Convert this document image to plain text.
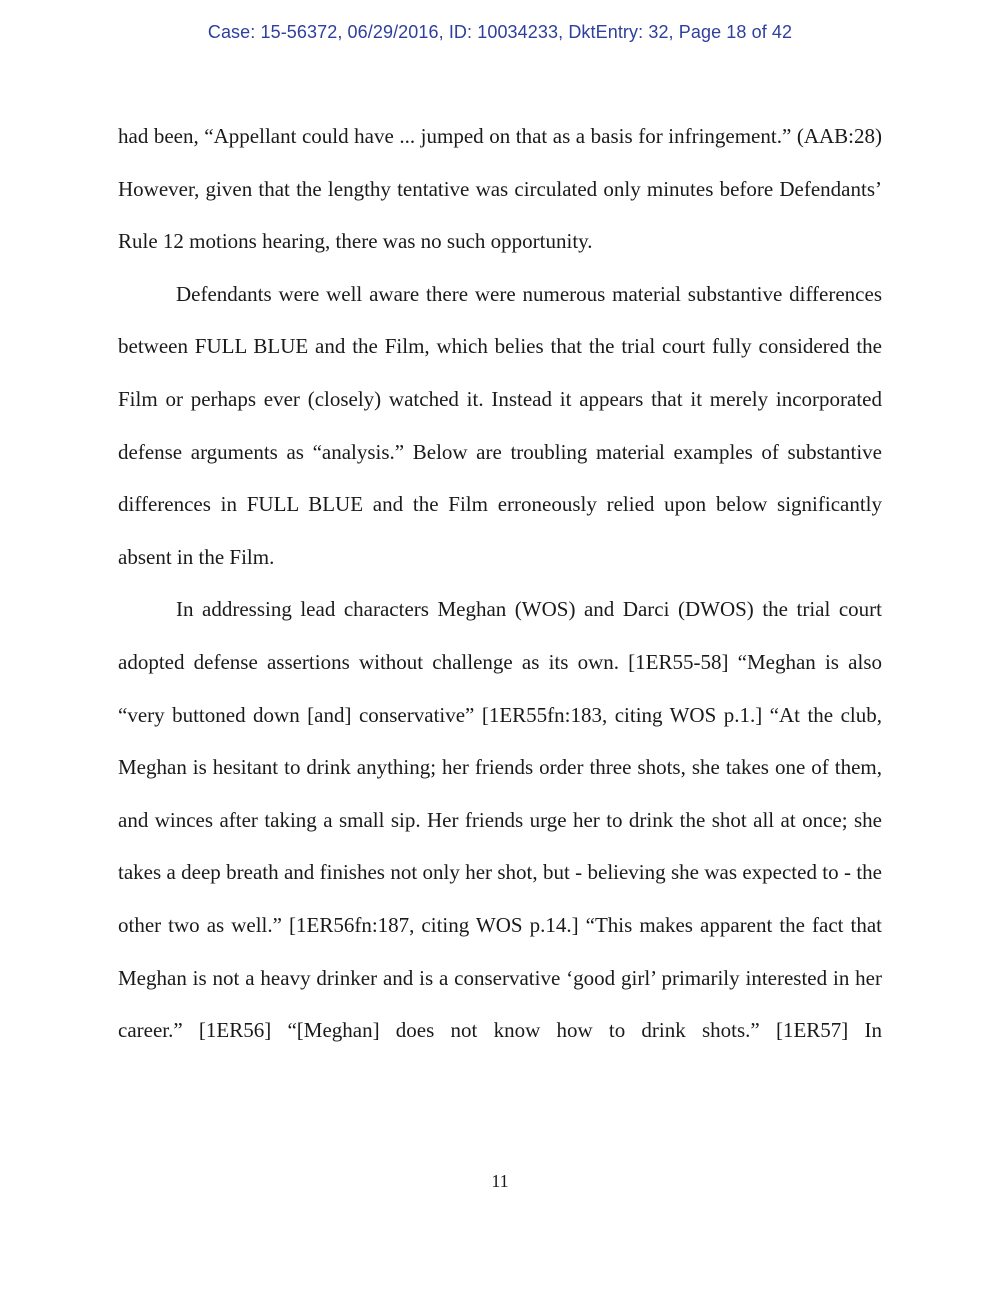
Case: 15-56372, 06/29/2016, ID: 10034233, DktEntry: 32, Page 18 of 42

had been, “Appellant could have ... jumped on that as a basis for infringement.” (AAB:28) However, given that the lengthy tentative was circulated only minutes before Defendants’ Rule 12 motions hearing, there was no such opportunity.

Defendants were well aware there were numerous material substantive differences between FULL BLUE and the Film, which belies that the trial court fully considered the Film or perhaps ever (closely) watched it. Instead it appears that it merely incorporated defense arguments as “analysis.” Below are troubling material examples of substantive differences in FULL BLUE and the Film erroneously relied upon below significantly absent in the Film.

In addressing lead characters Meghan (WOS) and Darci (DWOS) the trial court adopted defense assertions without challenge as its own. [1ER55-58] “Meghan is also “very buttoned down [and] conservative” [1ER55fn:183, citing WOS p.1.] “At the club, Meghan is hesitant to drink anything; her friends order three shots, she takes one of them, and winces after taking a small sip. Her friends urge her to drink the shot all at once; she takes a deep breath and finishes not only her shot, but - believing she was expected to - the other two as well.” [1ER56fn:187, citing WOS p.14.] “This makes apparent the fact that Meghan is not a heavy drinker and is a conservative ‘good girl’ primarily interested in her career.” [1ER56] “[Meghan] does not know how to drink shots.” [1ER57] In

11
